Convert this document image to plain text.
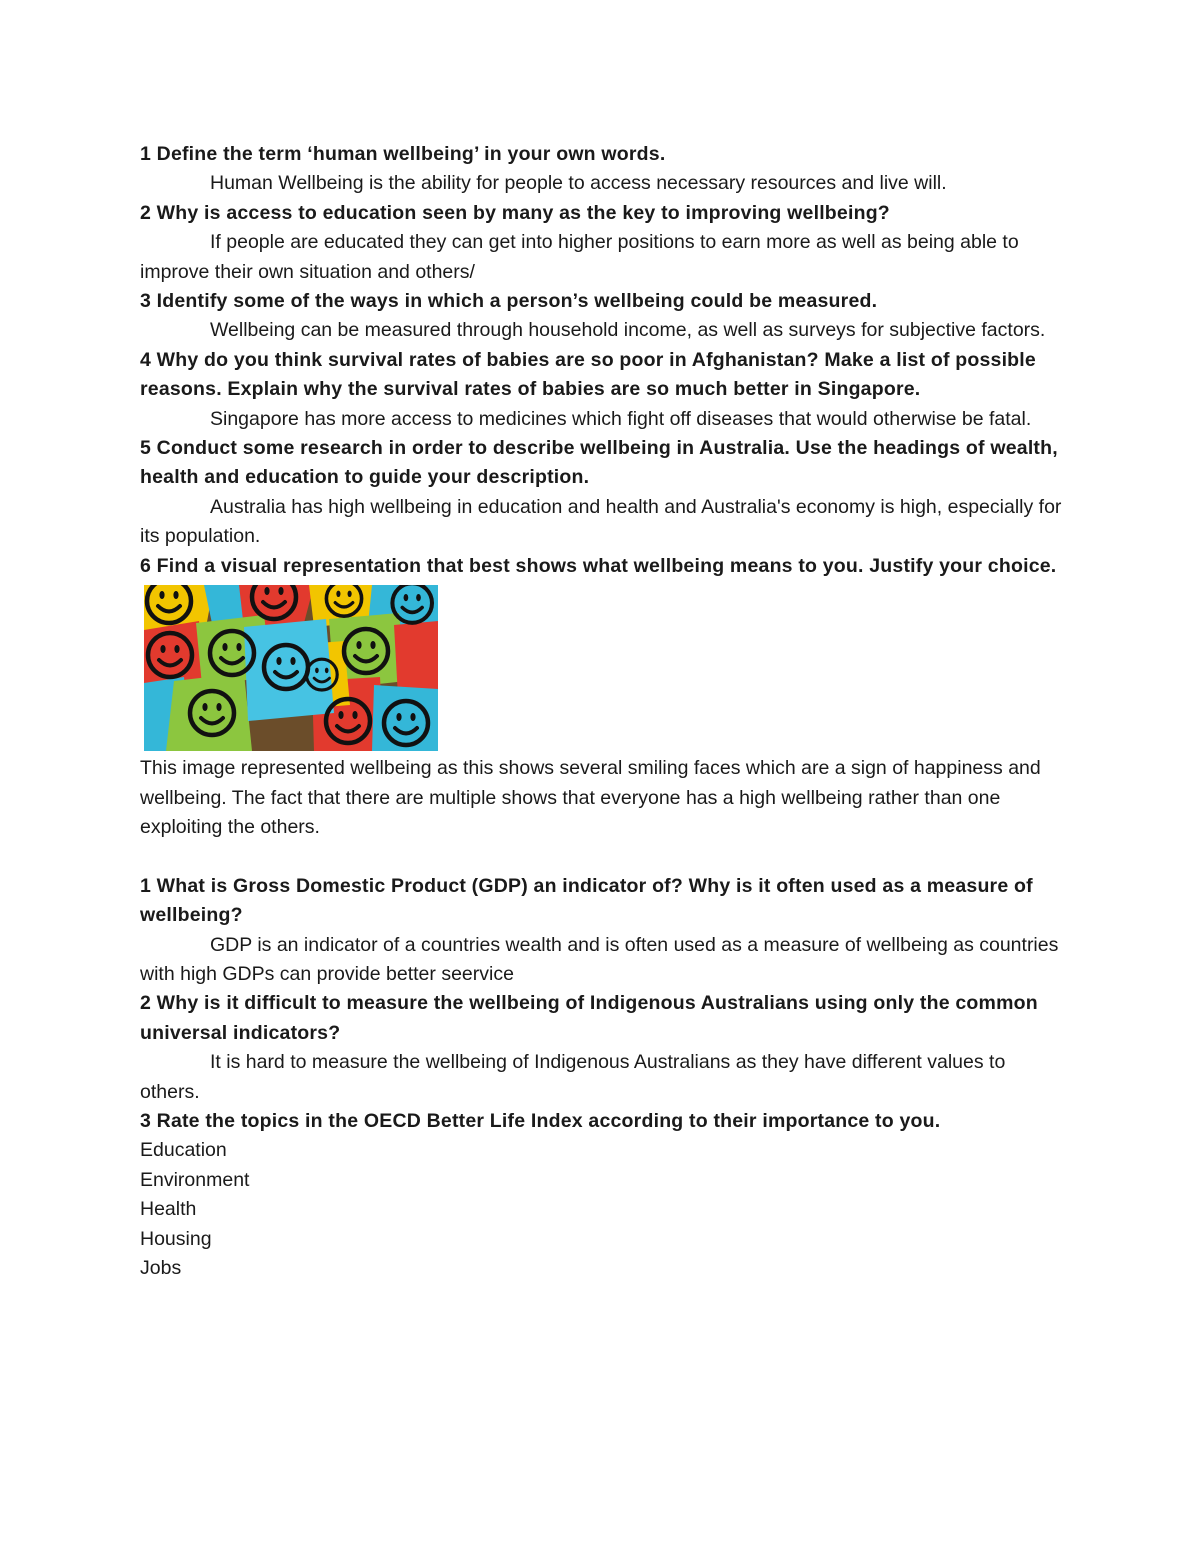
1 Define the term ‘human wellbeing’ in your own words.

Human Wellbeing is the ability for people to access necessary resources and live will.

2 Why is access to education seen by many as the key to improving wellbeing?

If people are educated they can get into higher positions to earn more as well as being able to improve their own situation and others/

3 Identify some of the ways in which a person’s wellbeing could be measured.

Wellbeing can be measured through household income, as well as surveys for subjective factors.

4 Why do you think survival rates of babies are so poor in Afghanistan? Make a list of possible reasons. Explain why the survival rates of babies are so much better in Singapore.

Singapore has more access to medicines which fight off diseases that would otherwise be fatal.

5 Conduct some research in order to describe wellbeing in Australia. Use the headings of wealth, health and education to guide your description.

Australia has high wellbeing in education and health and Australia's economy is high, especially for its population.

6 Find a visual representation that best shows what wellbeing means to you. Justify your choice.

This image represented wellbeing as this shows several smiling faces which are a sign of happiness and wellbeing. The fact that there are multiple shows that everyone has a high wellbeing rather than one exploiting the others.

1 What is Gross Domestic Product (GDP) an indicator of? Why is it often used as a measure of wellbeing?

GDP is an indicator of a countries wealth and is often used as a measure of wellbeing as countries with high GDPs can provide better seervice

2 Why is it difficult to measure the wellbeing of Indigenous Australians using only the common universal indicators?

It is hard to measure the wellbeing of Indigenous Australians as they have different values to others.

3 Rate the topics in the OECD Better Life Index according to their importance to you.

Education

Environment

Health

Housing

Jobs
